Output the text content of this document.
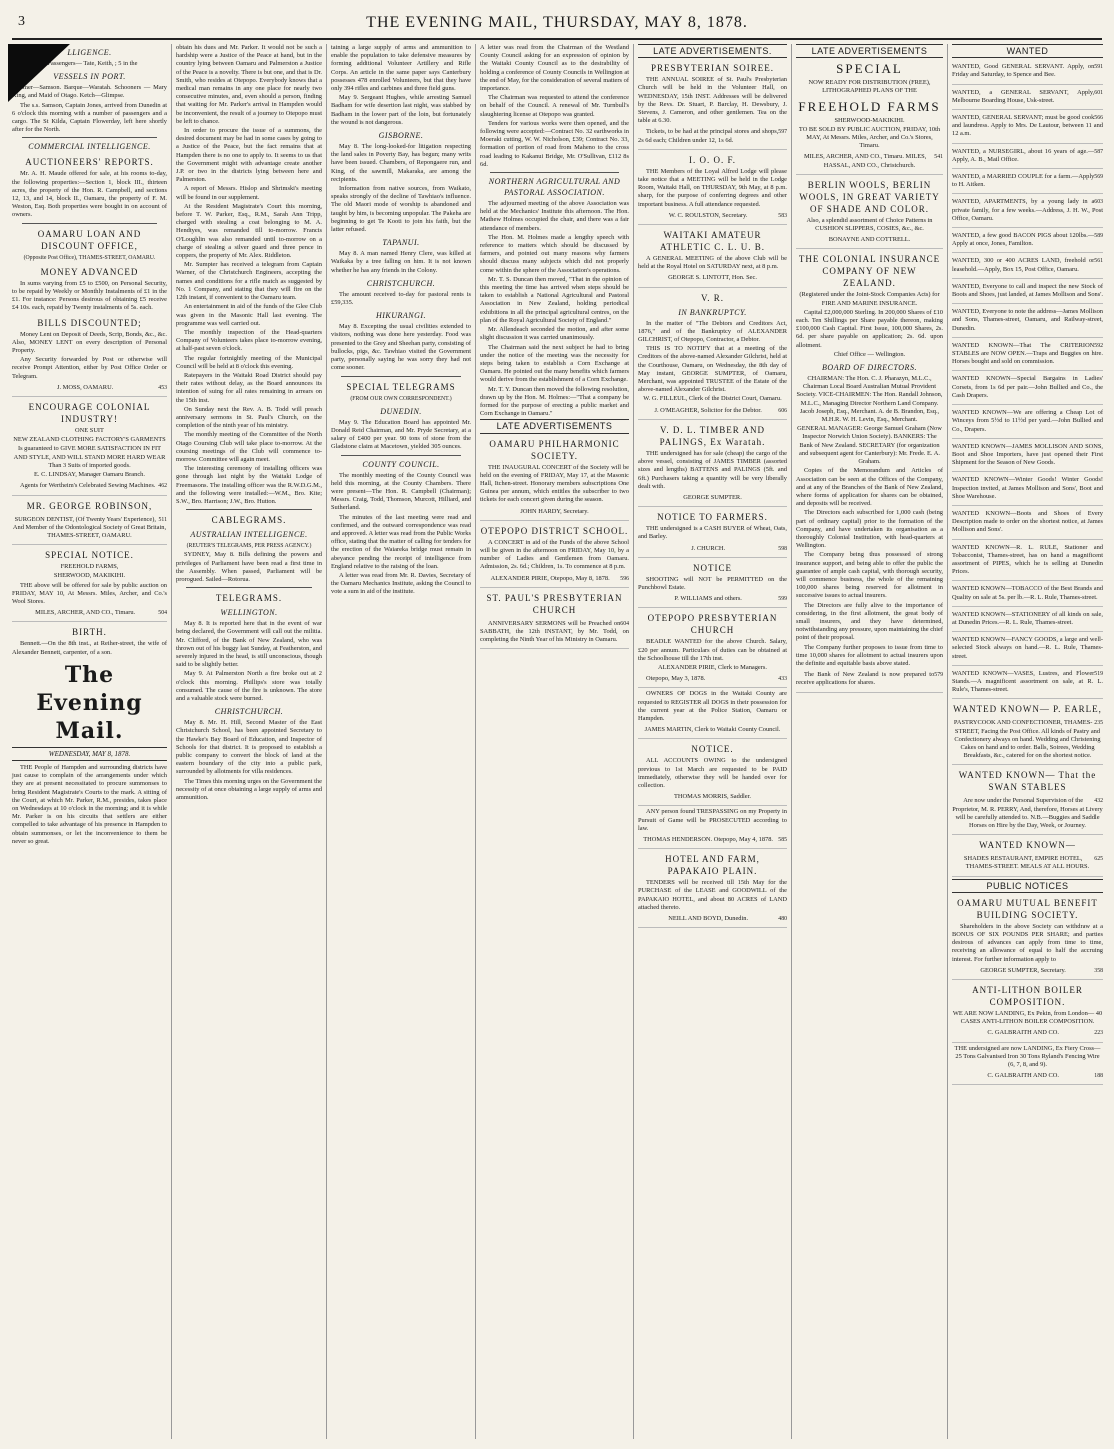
3	THE EVENING MAIL, THURSDAY, MAY 8, 1878.
LLIGENCE.

nes, for Dun- Passengers— Tate, Keith, ; 5 in the

VESSELS IN PORT.

Steamer—Samson. Barque—Waratah. Schooners — Mary King, and Maid of Otago. Ketch—Glimpse.

The s.s. Samson, Captain Jones, arrived from Dunedin at 6 o'clock this morning with a number of passengers and a cargo. The St Kilda, Captain Flowerday, left here shortly after for the North.

COMMERCIAL INTELLIGENCE.
AUCTIONEERS' REPORTS.

Mr. A. H. Maude offered for sale, at his rooms to-day, the following properties:—Section 1, block III., thirteen acres, the property of the Hon. R. Campbell, and sections 12, 13, and 14, block II., Oamaru, the property of F. M. Weston, Esq. Both properties were bought in on account of owners.

OAMARU LOAN AND DISCOUNT OFFICE,

(Opposite Post Office), THAMES-STREET, OAMARU.

MONEY ADVANCED

In sums varying from £5 to £500, on Personal Security, to be repaid by Weekly or Monthly Instalments of £1 in the £1. For instance: Persons desirous of obtaining £5 receive £4 10s. each, repaid by Twenty instalments of 5s. each.

BILLS DISCOUNTED;

Money Lent on Deposit of Deeds, Scrip, Bonds, &c., &c. Also, MONEY LENT on every description of Personal Property.

Any Security forwarded by Post or otherwise will receive Prompt Attention, either by Post Office Order or Telegram.

453

J. MOSS, OAMARU.

ENCOURAGE COLONIAL INDUSTRY!

ONE SUIT

NEW ZEALAND CLOTHING FACTORY'S GARMENTS

Is guaranteed to GIVE MORE SATISFACTION IN FIT AND STYLE, AND WILL STAND MORE HARD WEAR Than 3 Suits of imported goods.

E. C. LINDSAY, Manager Oamaru Branch.

462

Agents for Wertheim's Celebrated Sewing Machines.

MR. GEORGE ROBINSON,
511

SURGEON DENTIST, (Of Twenty Years' Experience), And Member of the Odontological Society of Great Britain, THAMES-STREET, OAMARU.

SPECIAL NOTICE.

FREEHOLD FARMS,

SHERWOOD, MAKIKIHI.

THE above will be offered for sale by public auction on FRIDAY, MAY 10, At Messrs. Miles, Archer, and Co.'s Wool Stores.

504

MILES, ARCHER, AND CO., Timaru.

BIRTH.

Bennett.—On the 8th inst., at Reiher-street, the wife of Alexander Bennett, carpenter, of a son.

The Evening Mail.
WEDNESDAY, MAY 8, 1878.

THE People of Hampden and surrounding districts have just cause to complain of the arrangements under which they are at present necessitated to procure summonses to bring Resident Magistrate's Courts to the mark. A sitting of the Court, at which Mr. Parker, R.M., presides, takes place on Wednesdays at 10 o'clock in the morning; and it is while Mr. Parker is on his circuits that settlers are either compelled to take advantage of his presence in Hampden to obtain summonses, or let the inconvenience to them be never so great.

obtain his dues and Mr. Parker. It would not be such a hardship were a Justice of the Peace at hand, but in the country lying between Oamaru and Palmerston a Justice of the Peace is a novelty. There is but one, and that is Dr. Smith, who resides at Otepopo. Everybody knows that a medical man remains in any one place for nearly two consecutive minutes, and, even should a person, finding that waiting for Mr. Parker's arrival in Hampden would be inconvenient, the result of a journey to Otepopo must be left to chance.

In order to procure the issue of a summons, the desired document may be had in some cases by going to a Justice of the Peace, but the fact remains that at Hampden there is no one to apply to. It seems to us that the Government might with advantage create another J.P. or two in the districts lying between here and Palmerston.

A report of Messrs. Hislop and Shrimski's meeting will be found in our supplement.

At the Resident Magistrate's Court this morning, before T. W. Parker, Esq., R.M., Sarah Ann Tripp, charged with stealing a coat belonging to M. A. Hendtyes, was remanded till to-morrow. Francis O'Loughlin was also remanded until to-morrow on a charge of stealing a silver guard and three pence in coppers, the property of Mr. Alex. Riddleton.

Mr. Sumpter has received a telegram from Captain Warner, of the Christchurch Engineers, accepting the names and conditions for a rifle match as suggested by No. 1 Company, and stating that they will fire on the 12th instant, if convenient to the Oamaru team.

An entertainment in aid of the funds of the Glee Club was given in the Masonic Hall last evening. The programme was well carried out.

The monthly inspection of the Head-quarters Company of Volunteers takes place to-morrow evening, at half-past seven o'clock.

The regular fortnightly meeting of the Municipal Council will be held at 8 o'clock this evening.

Ratepayers in the Waitaki Road District should pay their rates without delay, as the Board announces its intention of suing for all rates remaining in arrears on the 15th inst.

On Sunday next the Rev. A. B. Todd will preach anniversary sermons in St. Paul's Church, on the completion of the ninth year of his ministry.

The monthly meeting of the Committee of the North Otago Coursing Club will take place to-morrow. At the coursing meetings of the Club will commence to-morrow. Committee will again meet.

The interesting ceremony of installing officers was gone through last night by the Waitaki Lodge of Freemasons. The installing officer was the R.W.D.G.M., and the following were installed:—W.M., Bro. Kite; S.W., Bro. Harrison; J.W., Bro. Hutton.

CABLEGRAMS.
AUSTRALIAN INTELLIGENCE.

(REUTER'S TELEGRAMS, PER PRESS AGENCY.)

SYDNEY, May 8. Bills defining the powers and privileges of Parliament have been read a first time in the Assembly. When passed, Parliament will be prorogued. Sailed—Rotorua.

TELEGRAMS.
WELLINGTON.

May 8. It is reported here that in the event of war being declared, the Government will call out the militia. Mr. Clifford, of the Bank of New Zealand, who was thrown out of his buggy last Sunday, at Featherston, and severely injured in the head, is still unconscious, though said to be slightly better.

May 9. At Palmerston North a fire broke out at 2 o'clock this morning. Phillips's store was totally consumed. The cause of the fire is unknown. The store and a valuable stock were burned.

CHRISTCHURCH.

May 8. Mr. H. Hill, Second Master of the East Christchurch School, has been appointed Secretary to the Hawke's Bay Board of Education, and Inspector of Schools for that district. It is proposed to establish a public company to convert the block of land at the eastern boundary of the city into a public park, surrounded by allotments for villa residences.

The Times this morning urges on the Government the necessity of at once obtaining a large supply of arms and ammunition.

taining a large supply of arms and ammunition to enable the population to take defensive measures by forming additional Volunteer Artillery and Rifle Corps. An article in the same paper says Canterbury possesses 478 enrolled Volunteers, but that they have only 394 rifles and carbines and three field guns.

May 9. Sergeant Hughes, while arresting Samuel Badham for wife desertion last night, was stabbed by Badham in the lower part of the loin, but fortunately the wound is not dangerous.

GISBORNE.

May 8. The long-looked-for litigation respecting the land sales in Poverty Bay, has begun; many writs have been issued. Chambers, of Repongaere run, and King, of the sawmill, Makaraka, are among the recipients.

Information from native sources, from Waikato, speaks strongly of the decline of Tawhiao's influence. The old Maori mode of worship is abandoned and taught by him, is becoming unpopular. The Pakeha are beginning to get Te Kooti to join his faith, but the latter refused.

TAPANUI.

May 8. A man named Henry Clere, was killed at Waikaka by a tree falling on him. It is not known whether he has any friends in the Colony.

CHRISTCHURCH.

The amount received to-day for pastoral rents is £59,335.

HIKURANGI.

May 8. Excepting the usual civilities extended to visitors, nothing was done here yesterday. Food was presented to the Grey and Sheehan party, consisting of bullocks, pigs, &c. Tawhiao visited the Government party, personally saying he was sorry they had not come sooner.

SPECIAL TELEGRAMS

(FROM OUR OWN CORRESPONDENT.)

DUNEDIN.

May 9. The Education Board has appointed Mr. Donald Reid Chairman, and Mr. Pryde Secretary, at a salary of £400 per year. 90 tons of stone from the Gladstone claim at Macetown, yielded 305 ounces.

COUNTY COUNCIL.

The monthly meeting of the County Council was held this morning, at the County Chambers. There were present—The Hon. R. Campbell (Chairman); Messrs. Craig, Todd, Thomson, Murcott, Hilliard, and Sutherland.

The minutes of the last meeting were read and confirmed, and the outward correspondence was read and approved. A letter was read from the Public Works office, stating that the matter of calling for tenders for the erection of the Waiareka bridge must remain in abeyance pending the receipt of intelligence from England relative to the raising of the loan.

A letter was read from Mr. R. Davies, Secretary of the Oamaru Mechanics Institute, asking the Council to vote a sum in aid of the institute.

A letter was read from the Chairman of the Westland County Council asking for an expression of opinion by the Waitaki County Council as to the desirability of holding a conference of County Councils in Wellington at the end of May, for the consideration of several matters of importance.

The Chairman was requested to attend the conference on behalf of the Council. A renewal of Mr. Turnbull's slaughtering license at Otepopo was granted.

Tenders for various works were then opened, and the following were accepted:—Contract No. 32 earthworks in Moeraki cutting, W. W. Nicholson, £39; Contract No. 33, formation of portion of road from Maheno to the cross road leading to Kakanui Bridge, Mr. O'Sullivan, £112 8s 6d.

NORTHERN AGRICULTURAL AND PASTORAL ASSOCIATION.

The adjourned meeting of the above Association was held at the Mechanics' Institute this afternoon. The Hon. Mathew Holmes occupied the chair, and there was a fair attendance of members.

The Hon. M. Holmes made a lengthy speech with reference to matters which should be discussed by farmers, and pointed out many reasons why farmers should discuss many subjects which did not properly come within the sphere of the Association's operations.

Mr. T. S. Duncan then moved, "That in the opinion of this meeting the time has arrived when steps should be taken to establish a National Agricultural and Pastoral Association in New Zealand, holding periodical exhibitions in all the principal agricultural centres, on the plan of the Royal Agricultural Society of England."

Mr. Allendeach seconded the motion, and after some slight discussion it was carried unanimously.

The Chairman said the next subject he had to bring under the notice of the meeting was the necessity for steps being taken to establish a Corn Exchange at Oamaru. He pointed out the many benefits which farmers would derive from the establishment of a Corn Exchange.

Mr. T. Y. Duncan then moved the following resolution, drawn up by the Hon. M. Holmes:—"That a company be formed for the purpose of erecting a public market and Corn Exchange in Oamaru."

LATE ADVERTISEMENTS
OAMARU PHILHARMONIC SOCIETY.

THE INAUGURAL CONCERT of the Society will be held on the evening of FRIDAY, May 17, at the Masonic Hall, Itchen-street. Honorary members subscriptions One Guinea per annum, which entitles the subscriber to two tickets for each concert given during the season.

JOHN HARDY, Secretary.

OTEPOPO DISTRICT SCHOOL.

A CONCERT in aid of the Funds of the above School will be given in the afternoon on FRIDAY, May 10, by a number of Ladies and Gentlemen from Oamaru. Admission, 2s. 6d.; Children, 1s. To commence at 8 p.m.

596

ALEXANDER PIRIE, Otepopo, May 8, 1878.

ST. PAUL'S PRESBYTERIAN CHURCH
604

ANNIVERSARY SERMONS will be Preached on SABBATH, the 12th INSTANT, by Mr. Todd, on completing the Ninth Year of his Ministry in Oamaru.

LATE ADVERTISEMENTS.
PRESBYTERIAN SOIREE.

THE ANNUAL SOIREE of St. Paul's Presbyterian Church will be held in the Volunteer Hall, on WEDNESDAY, 15th INST. Addresses will be delivered by the Revs. Dr. Stuart, P. Barclay, H. Dewsbury, J. Stevens, J. Cameron, and other gentlemen. Tea on the table at 6.30.

597

Tickets, to be had at the principal stores and shops, 2s 6d each; Children under 12, 1s 6d.

I. O. O. F.

THE Members of the Loyal Alfred Lodge will please take notice that a MEETING will be held in the Lodge Room, Waitaki Hall, on THURSDAY, 9th May, at 8 p.m. sharp, for the purpose of conferring degrees and other important business. A full attendance requested.

583

W. C. ROULSTON, Secretary.

WAITAKI AMATEUR ATHLETIC C. L. U. B.

A GENERAL MEETING of the above Club will be held at the Royal Hotel on SATURDAY next, at 8 p.m.

GEORGE S. LINTOTT, Hon. Sec.

V. R.
IN BANKRUPTCY.

In the matter of "The Debtors and Creditors Act, 1876," and of the Bankruptcy of ALEXANDER GILCHRIST, of Otepopo, Contractor, a Debtor.

THIS IS TO NOTIFY that at a meeting of the Creditors of the above-named Alexander Gilchrist, held at the Courthouse, Oamaru, on Wednesday, the 8th day of May instant, GEORGE SUMPTER, of Oamaru, Merchant, was appointed TRUSTEE of the Estate of the above-named Alexander Gilchrist.

W. G. FILLEUL, Clerk of the District Court, Oamaru.

606

J. O'MEAGHER, Solicitor for the Debtor.

V. D. L. TIMBER AND PALINGS, Ex Waratah.

THE undersigned has for sale (cheap) the cargo of the above vessel, consisting of JAMES TIMBER (assorted sizes and lengths) BATTENS and PALINGS (5ft. and 6ft.) Purchasers taking a quantity will be very liberally dealt with.

GEORGE SUMPTER.

NOTICE TO FARMERS.

THE undersigned is a CASH BUYER of Wheat, Oats, and Barley.

598

J. CHURCH.

NOTICE

SHOOTING will NOT be PERMITTED on the Punchbowl Estate.

599

P. WILLIAMS and others.

OTEPOPO PRESBYTERIAN CHURCH

BEADLE WANTED for the above Church. Salary, £20 per annum. Particulars of duties can be obtained at the Schoolhouse till the 17th inst.

ALEXANDER PIRIE, Clerk to Managers.

433

Otepopo, May 3, 1878.

OWNERS OF DOGS in the Waitaki County are requested to REGISTER all DOGS in their possession for the current year at the Police Station, Oamaru or Hampden.

JAMES MARTIN, Clerk to Waitaki County Council.

NOTICE.

ALL ACCOUNTS OWING to the undersigned previous to 1st March are requested to be PAID immediately, otherwise they will be handed over for collection.

THOMAS MORRIS, Saddler.

ANY person found TRESPASSING on my Property in Pursuit of Game will be PROSECUTED according to law.

585

THOMAS HENDERSON. Otepopo, May 4, 1878.

HOTEL AND FARM, PAPAKAIO PLAIN.

TENDERS will be received till 15th May for the PURCHASE of the LEASE and GOODWILL of the PAPAKAIO HOTEL, and about 80 ACRES of LAND attached thereto.

480

NEILL AND BOYD, Dunedin.

LATE ADVERTISEMENTS
SPECIAL

NOW READY FOR DISTRIBUTION (FREE), LITHOGRAPHED PLANS OF THE

FREEHOLD FARMS

SHERWOOD-MAKIKIHI.

TO BE SOLD BY PUBLIC AUCTION, FRIDAY, 10th MAY, At Messrs. Miles, Archer, and Co.'s Stores, Timaru.

541

MILES, ARCHER, AND CO., Timaru. MILES, HASSAL, AND CO., Christchurch.

BERLIN WOOLS, BERLIN WOOLS, IN GREAT VARIETY OF SHADE AND COLOR.

Also, a splendid assortment of Choice Patterns in CUSHION SLIPPERS, COSIES, &c., &c.

BONAYNE AND COTTRELL.

THE COLONIAL INSURANCE COMPANY OF NEW ZEALAND.

(Registered under the Joint-Stock Companies Acts) for FIRE AND MARINE INSURANCE.

Capital £2,000,000 Sterling. In 200,000 Shares of £10 each. Ten Shillings per Share payable thereon, making £100,000 Cash Capital. First Issue, 100,000 Shares, 2s. 6d. per share payable on application; 2s. 6d. upon allotment.

Chief Office — Wellington.

BOARD OF DIRECTORS.

CHAIRMAN: The Hon. C. J. Pharazyn, M.L.C., Chairman Local Board Australian Mutual Provident Society. VICE-CHAIRMEN: The Hon. Randall Johnson, M.L.C., Managing Director Northern Land Company. Jacob Joseph, Esq., Merchant. A. de B. Brandon, Esq., M.H.R. W. H. Levin, Esq., Merchant.

GENERAL MANAGER: George Samuel Graham (Now Inspector Norwich Union Society). BANKERS: The Bank of New Zealand. SECRETARY (for organization and subsequent agent for Canterbury): Mr. Frede. E. A. Graham.

Copies of the Memorandum and Articles of Association can be seen at the Offices of the Company, and at any of the Branches of the Bank of New Zealand, where forms of application for shares can be obtained, and deposits will be received.

The Directors each subscribed for 1,000 cash (being part of ordinary capital) prior to the formation of the Company, and have undertaken its organisation as a thoroughly Colonial Institution, with head-quarters at Wellington.

The Company being thus possessed of strong insurance support, and being able to offer the public the guarantee of ample cash capital, with thorough security, will commence business, the whole of the remaining 100,000 shares being reserved for allotment in successive issues to actual insurers.

The Directors are fully alive to the importance of considering, in the first allotment, the great body of small insurers, and they have determined, notwithstanding any pressure, upon maintaining the chief point of their proposal.

The Company further proposes to issue from time to time 10,000 shares for allotment to actual insurers upon the definite and equitable basis above stated.

579

The Bank of New Zealand is now prepared to receive applications for shares.

WANTED
591

WANTED, Good GENERAL SERVANT. Apply, on Friday and Saturday, to Spence and Bee.

601

WANTED, a GENERAL SERVANT, Apply, Melbourne Boarding House, Usk-street.

566

WANTED, GENERAL SERVANT; must be good cook and laundress. Apply to Mrs. De Lautour, between 11 and 12 a.m.

587

WANTED, a NURSEGIRL, about 16 years of age.—Apply, A. B., Mail Office.

569

WANTED, a MARRIED COUPLE for a farm.—Apply to H. Aitken.

603

WANTED, APARTMENTS, by a young lady in a private family, for a few weeks.—Address, J. H. W., Post Office, Oamaru.

589

WANTED, a few good BACON PIGS about 120lbs.—Apply at once, Jones, Familton.

561

WANTED, 300 or 400 ACRES LAND, freehold or leasehold.—Apply, Box 15, Post Office, Oamaru.

WANTED, Everyone to call and inspect the new Stock of Boots and Shoes, just landed, at James Mollison and Sons'.

WANTED, Everyone to note the address—James Mollison and Sons, Thames-street, Oamaru, and Railway-street, Dunedin.

592

WANTED KNOWN—That The CRITERION STABLES are NOW OPEN.—Traps and Buggies on hire. Horses bought and sold on commission.

WANTED KNOWN—Special Bargains in Ladies' Corsets, from 1s 6d per pair.—John Bullied and Co., the Cash Drapers.

WANTED KNOWN—We are offering a Cheap Lot of Winceys from 5½d to 11½d per yard.—John Bullied and Co., Drapers.

WANTED KNOWN—JAMES MOLLISON AND SONS, Boot and Shoe Importers, have just opened their First Shipment for the Season of New Goods.

WANTED KNOWN—Winter Goods! Winter Goods! Inspection invited, at James Mollison and Sons', Boot and Shoe Warehouse.

WANTED KNOWN—Boots and Shoes of Every Description made to order on the shortest notice, at James Mollison and Sons'.

WANTED KNOWN—R. L. RULE, Stationer and Tobacconist, Thames-street, has on hand a magnificent assortment of PIPES, which he is selling at Dunedin Prices.

WANTED KNOWN—TOBACCO of the Best Brands and Quality on sale at 5s. per lb.—R. L. Rule, Thames-street.

WANTED KNOWN—STATIONERY of all kinds on sale, at Dunedin Prices.—R. L. Rule, Thames-street.

WANTED KNOWN—FANCY GOODS, a large and well-selected Stock always on hand.—R. L. Rule, Thames-street.

519

WANTED KNOWN—VASES, Lustres, and Flower Stands.—A magnificent assortment on sale, at R. L. Rule's, Thames-street.

WANTED KNOWN— P. EARLE,
235

PASTRYCOOK AND CONFECTIONER, THAMES-STREET, Facing the Post Office. All kinds of Pastry and Confectionery always on hand. Wedding and Christening Cakes on hand and to order. Balls, Soirees, Wedding Breakfasts, &c., catered for on the shortest notice.

WANTED KNOWN— That the SWAN STABLES
432

Are now under the Personal Supervision of the Proprietor, M. R. PERRY, And, therefore, Horses at Livery will be carefully attended to. N.B.—Buggies and Saddle Horses on Hire by the Day, Week, or Journey.

WANTED KNOWN—
625

SHADES RESTAURANT, EMPIRE HOTEL, THAMES-STREET. MEALS AT ALL HOURS.

PUBLIC NOTICES
OAMARU MUTUAL BENEFIT BUILDING SOCIETY.

Shareholders in the above Society can withdraw at a BONUS OF SIX POUNDS PER SHARE; and parties desirous of advances can apply from time to time, receiving an allowance of equal to half the accruing interest. For further information apply to

358

GEORGE SUMPTER, Secretary.

ANTI-LITHON BOILER COMPOSITION.

WE ARE NOW LANDING, Ex Pekin, from London— 40 CASES ANTI-LITHON BOILER COMPOSITION.

223

C. GALBRAITH AND CO.

THE undersigned are now LANDING, Ex Fiery Cross— 25 Tons Galvanised Iron 30 Tons Ryland's Fencing Wire (6, 7, 8, and 9).

188

C. GALBRAITH AND CO.
